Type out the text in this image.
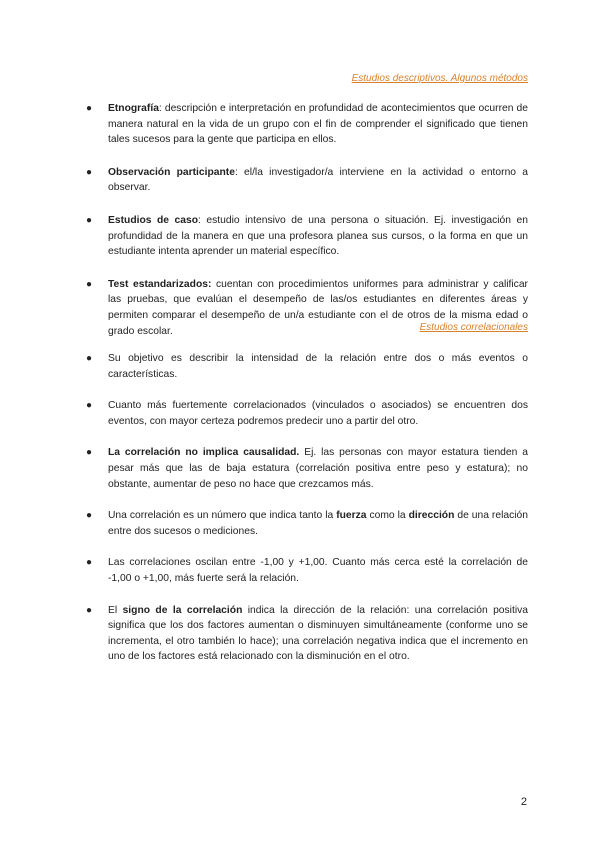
Estudios descriptivos. Algunos métodos
● Etnografía: descripción e interpretación en profundidad de acontecimientos que ocurren de manera natural en la vida de un grupo con el fin de comprender el significado que tienen tales sucesos para la gente que participa en ellos.
● Observación participante: el/la investigador/a interviene en la actividad o entorno a observar.
● Estudios de caso: estudio intensivo de una persona o situación. Ej. investigación en profundidad de la manera en que una profesora planea sus cursos, o la forma en que un estudiante intenta aprender un material específico.
● Test estandarizados: cuentan con procedimientos uniformes para administrar y calificar las pruebas, que evalúan el desempeño de las/os estudiantes en diferentes áreas y permiten comparar el desempeño de un/a estudiante con el de otros de la misma edad o grado escolar.	Estudios correlacionales
● Su objetivo es describir la intensidad de la relación entre dos o más eventos o características.
● Cuanto más fuertemente correlacionados (vinculados o asociados) se encuentren dos eventos, con mayor certeza podremos predecir uno a partir del otro.
● La correlación no implica causalidad. Ej. las personas con mayor estatura tienden a pesar más que las de baja estatura (correlación positiva entre peso y estatura); no obstante, aumentar de peso no hace que crezcamos más.
● Una correlación es un número que indica tanto la fuerza como la dirección de una relación entre dos sucesos o mediciones.
● Las correlaciones oscilan entre -1,00 y +1,00. Cuanto más cerca esté la correlación de -1,00 o +1,00, más fuerte será la relación.
● El signo de la correlación indica la dirección de la relación: una correlación positiva significa que los dos factores aumentan o disminuyen simultáneamente (conforme uno se incrementa, el otro también lo hace); una correlación negativa indica que el incremento en uno de los factores está relacionado con la disminución en el otro.
2
